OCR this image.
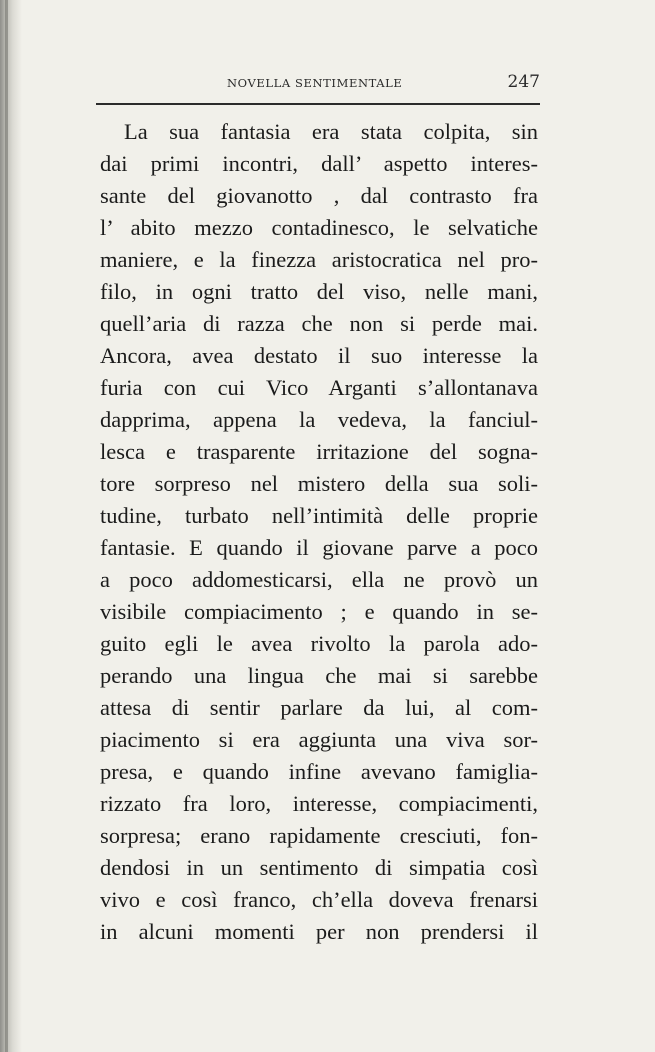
NOVELLA SENTIMENTALE	247
La sua fantasia era stata colpita, sin
dai primi incontri, dall’ aspetto interes-
sante del giovanotto , dal contrasto fra
l’ abito mezzo contadinesco, le selvatiche
maniere, e la finezza aristocratica nel pro-
filo, in ogni tratto del viso, nelle mani,
quell’aria di razza che non si perde mai.
Ancora, avea destato il suo interesse la
furia con cui Vico Arganti s’allontanava
dapprima, appena la vedeva, la fanciul-
lesca e trasparente irritazione del sogna-
tore sorpreso nel mistero della sua soli-
tudine, turbato nell’intimità delle proprie
fantasie. E quando il giovane parve a poco
a poco addomesticarsi, ella ne provò un
visibile compiacimento ; e quando in se-
guito egli le avea rivolto la parola ado-
perando una lingua che mai si sarebbe
attesa di sentir parlare da lui, al com-
piacimento si era aggiunta una viva sor-
presa, e quando infine avevano famiglia-
rizzato fra loro, interesse, compiacimenti,
sorpresa; erano rapidamente cresciuti, fon-
dendosi in un sentimento di simpatia così
vivo e così franco, ch’ella doveva frenarsi
in alcuni momenti per non prendersi il
